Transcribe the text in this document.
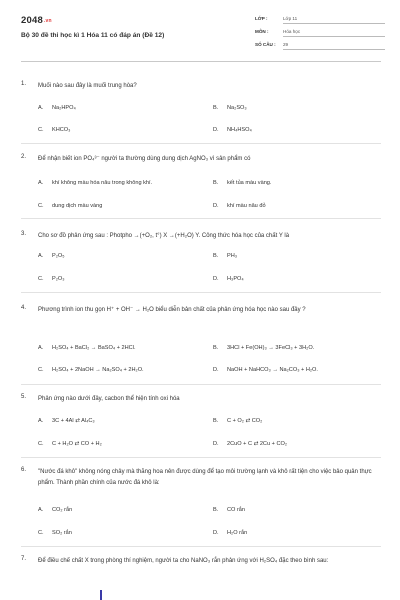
$2048^{.vn}$
Bộ 30 đề thi học kì 1 Hóa 11 có đáp án (Đề 12)
LỚP :	Lớp 11
MÔN :	Hóa học
SỐ CÂU : 29
1. Muối nào sau đây là muối trung hòa?
A. Na₂HPO₄	B. Na₂SO₃
C. KHCO₃	D. NH₄HSO₄
2. Để nhận biết ion PO₄³⁻ người ta thường dùng dung dịch AgNO₃ vì sản phẩm có
A. khí không màu hóa nâu trong không khí.	B. kết tủa màu vàng.
C. dung dịch màu vàng	D. khí màu nâu đỏ
3. Cho sơ đồ phản ứng sau : Photpho →(+O₂, t°) X →(+H₂O) Y. Công thức hóa học của chất Y là
A. P₂O₅	B. PH₃
C. P₂O₃	D. H₃PO₄
4. Phương trình ion thu gọn H⁺ + OH⁻ → H₂O biểu diễn bản chất của phản ứng hóa học nào sau đây ?
A. H₂SO₄ + BaCl₂ → BaSO₄ + 2HCl.	B. 3HCl + Fe(OH)₃ → 3FeCl₃ + 3H₂O.
C. H₂SO₄ + 2NaOH → Na₂SO₄ + 2H₂O.	D. NaOH + NaHCO₃ → Na₂CO₃ + H₂O.
5. Phản ứng nào dưới đây, cacbon thể hiện tính oxi hóa
A. 3C + 4Al ⇄ Al₄C₃	B. C + O₂ ⇄ CO₂
C. C + H₂O ⇄ CO + H₂	D. 2CuO + C ⇄ 2Cu + CO₂
6. "Nước đá khô" không nóng chảy mà thăng hoa nên được dùng để tạo môi trường lạnh và khô rất tiện cho việc bảo quản thực phẩm. Thành phần chính của nước đá khô là:
A. CO₂ rắn	B. CO rắn
C. SO₂ rắn	D. H₂O rắn
7. Để điều chế chất X trong phòng thí nghiệm, người ta cho NaNO₃ rắn phản ứng với H₂SO₄ đặc theo bình sau:
